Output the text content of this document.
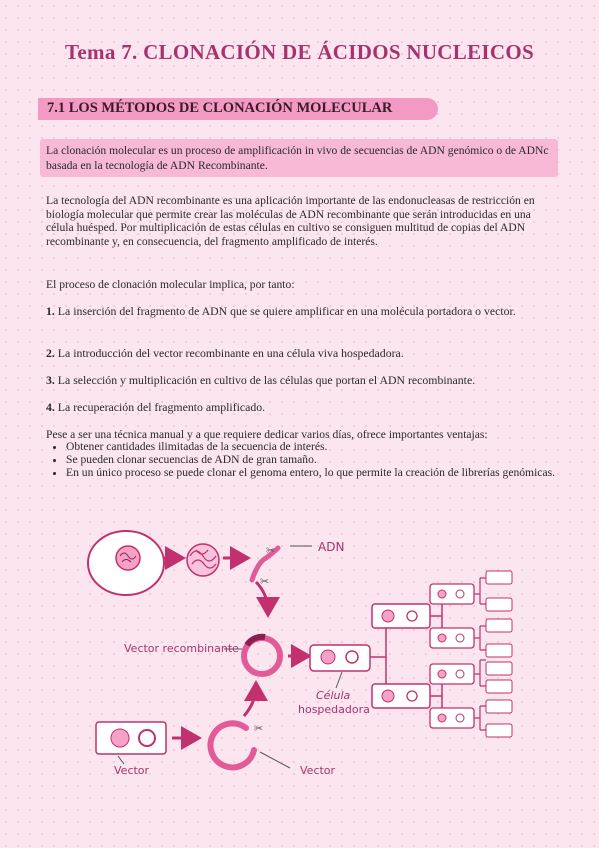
Tema 7. CLONACIÓN DE ÁCIDOS NUCLEICOS
7.1 LOS MÉTODOS DE CLONACIÓN MOLECULAR
La clonación molecular es un proceso de amplificación in vivo de secuencias de ADN genómico o de ADNc basada en la tecnología de ADN Recombinante.

La tecnología del ADN recombinante es una aplicación importante de las endonucleasas de restricción en biología molecular que permite crear las moléculas de ADN recombinante que serán introducidas en una célula huésped. Por multiplicación de estas células en cultivo se consiguen multitud de copias del ADN recombinante y, en consecuencia, del fragmento amplificado de interés.

El proceso de clonación molecular implica, por tanto:

1. La inserción del fragmento de ADN que se quiere amplificar en una molécula portadora o vector.
2. La introducción del vector recombinante en una célula viva hospedadora.
3. La selección y multiplicación en cultivo de las células que portan el ADN recombinante.
4. La recuperación del fragmento amplificado.

Pese a ser una técnica manual y a que requiere dedicar varios días, ofrece importantes ventajas:

• Obtener cantidades ilimitadas de la secuencia de interés.
• Se pueden clonar secuencias de ADN de gran tamaño.
• En un único proceso se puede clonar el genoma entero, lo que permite la creación de librerías genómicas.
✂
✂	ADN
Vector recombinante
Célula
hospedadora
Vector
✂
Vector
